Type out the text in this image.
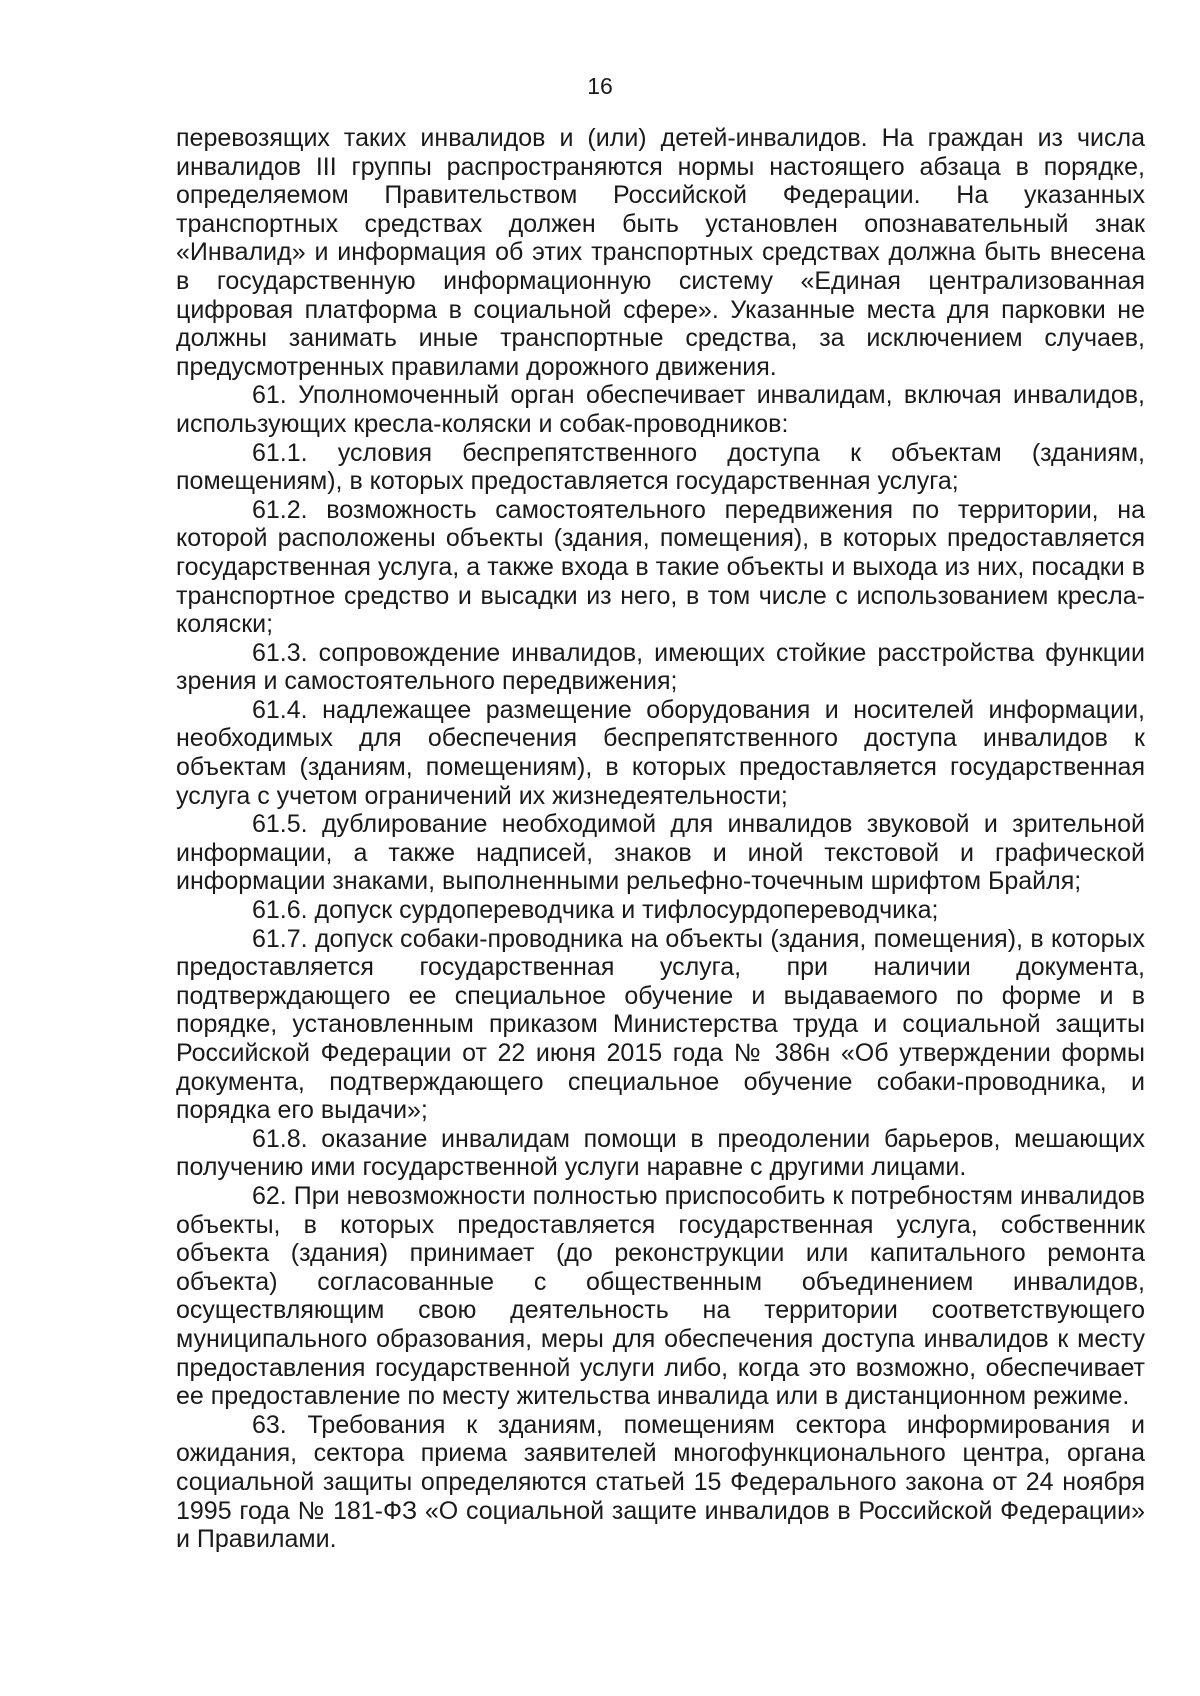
16

перевозящих таких инвалидов и (или) детей-инвалидов. На граждан из числа инвалидов III группы распространяются нормы настоящего абзаца в порядке, определяемом Правительством Российской Федерации. На указанных транспортных средствах должен быть установлен опознавательный знак «Инвалид» и информация об этих транспортных средствах должна быть внесена в государственную информационную систему «Единая централизованная цифровая платформа в социальной сфере». Указанные места для парковки не должны занимать иные транспортные средства, за исключением случаев, предусмотренных правилами дорожного движения.

61. Уполномоченный орган обеспечивает инвалидам, включая инвалидов, использующих кресла-коляски и собак-проводников:

61.1. условия беспрепятственного доступа к объектам (зданиям, помещениям), в которых предоставляется государственная услуга;

61.2. возможность самостоятельного передвижения по территории, на которой расположены объекты (здания, помещения), в которых предоставляется государственная услуга, а также входа в такие объекты и выхода из них, посадки в транспортное средство и высадки из него, в том числе с использованием кресла-коляски;

61.3. сопровождение инвалидов, имеющих стойкие расстройства функции зрения и самостоятельного передвижения;

61.4. надлежащее размещение оборудования и носителей информации, необходимых для обеспечения беспрепятственного доступа инвалидов к объектам (зданиям, помещениям), в которых предоставляется государственная услуга с учетом ограничений их жизнедеятельности;

61.5. дублирование необходимой для инвалидов звуковой и зрительной информации, а также надписей, знаков и иной текстовой и графической информации знаками, выполненными рельефно-точечным шрифтом Брайля;

61.6. допуск сурдопереводчика и тифлосурдопереводчика;

61.7. допуск собаки-проводника на объекты (здания, помещения), в которых предоставляется государственная услуга, при наличии документа, подтверждающего ее специальное обучение и выдаваемого по форме и в порядке, установленным приказом Министерства труда и социальной защиты Российской Федерации от 22 июня 2015 года № 386н «Об утверждении формы документа, подтверждающего специальное обучение собаки-проводника, и порядка его выдачи»;

61.8. оказание инвалидам помощи в преодолении барьеров, мешающих получению ими государственной услуги наравне с другими лицами.

62. При невозможности полностью приспособить к потребностям инвалидов объекты, в которых предоставляется государственная услуга, собственник объекта (здания) принимает (до реконструкции или капитального ремонта объекта) согласованные с общественным объединением инвалидов, осуществляющим свою деятельность на территории соответствующего муниципального образования, меры для обеспечения доступа инвалидов к месту предоставления государственной услуги либо, когда это возможно, обеспечивает ее предоставление по месту жительства инвалида или в дистанционном режиме.

63. Требования к зданиям, помещениям сектора информирования и ожидания, сектора приема заявителей многофункционального центра, органа социальной защиты определяются статьей 15 Федерального закона от 24 ноября 1995 года № 181-ФЗ «О социальной защите инвалидов в Российской Федерации» и Правилами.
